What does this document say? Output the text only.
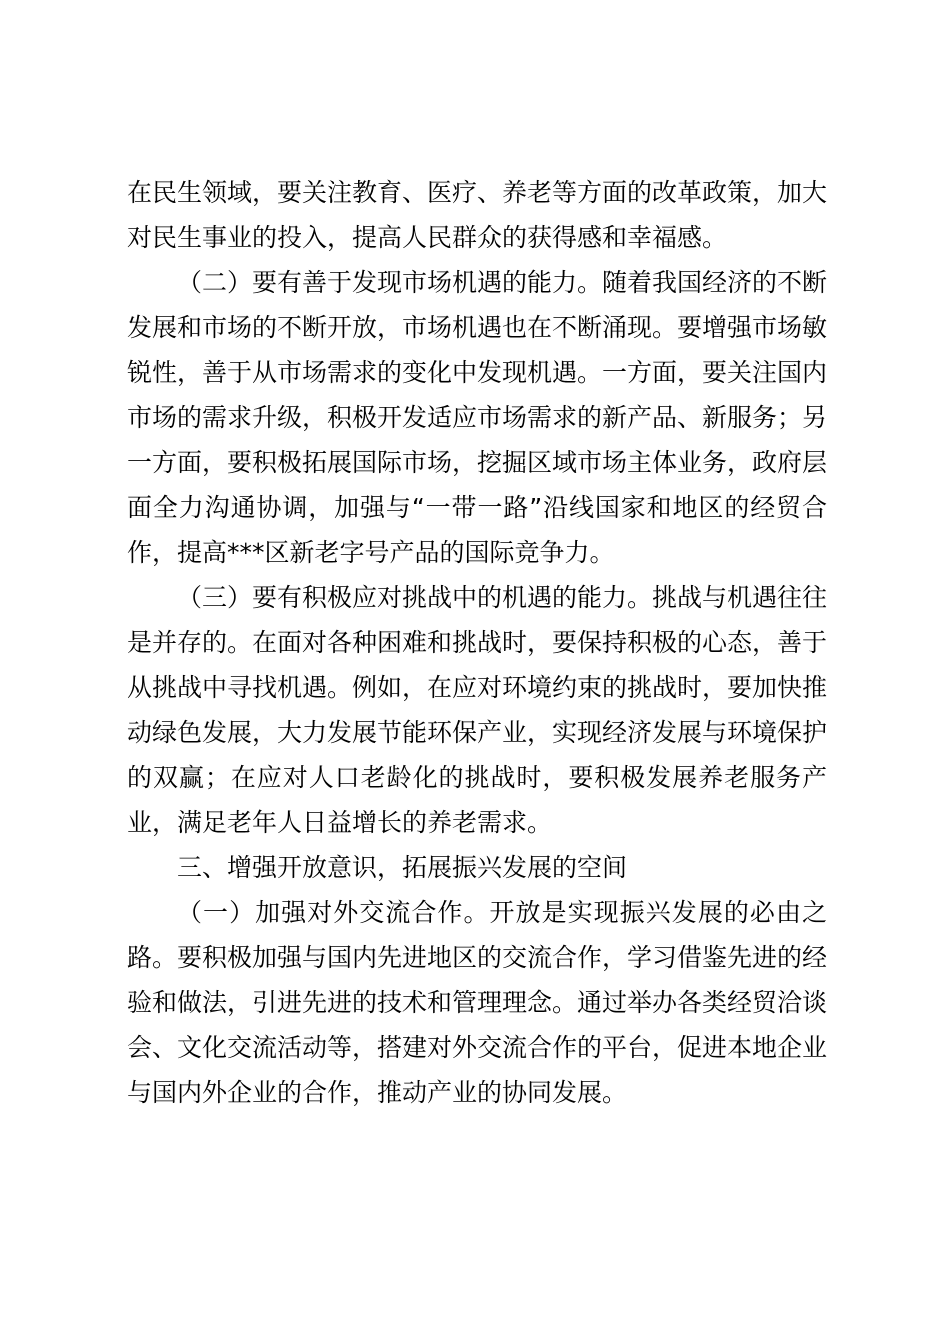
在民生领域，要关注教育、医疗、养老等方面的改革政策，加大对民生事业的投入，提高人民群众的获得感和幸福感。

（二）要有善于发现市场机遇的能力。随着我国经济的不断发展和市场的不断开放，市场机遇也在不断涌现。要增强市场敏锐性，善于从市场需求的变化中发现机遇。一方面，要关注国内市场的需求升级，积极开发适应市场需求的新产品、新服务；另一方面，要积极拓展国际市场，挖掘区域市场主体业务，政府层面全力沟通协调，加强与“一带一路”沿线国家和地区的经贸合作，提高***区新老字号产品的国际竞争力。

（三）要有积极应对挑战中的机遇的能力。挑战与机遇往往是并存的。在面对各种困难和挑战时，要保持积极的心态，善于从挑战中寻找机遇。例如，在应对环境约束的挑战时，要加快推动绿色发展，大力发展节能环保产业，实现经济发展与环境保护的双赢；在应对人口老龄化的挑战时，要积极发展养老服务产业，满足老年人日益增长的养老需求。

三、增强开放意识，拓展振兴发展的空间

（一）加强对外交流合作。开放是实现振兴发展的必由之路。要积极加强与国内先进地区的交流合作，学习借鉴先进的经验和做法，引进先进的技术和管理理念。通过举办各类经贸洽谈会、文化交流活动等，搭建对外交流合作的平台，促进本地企业与国内外企业的合作，推动产业的协同发展。
